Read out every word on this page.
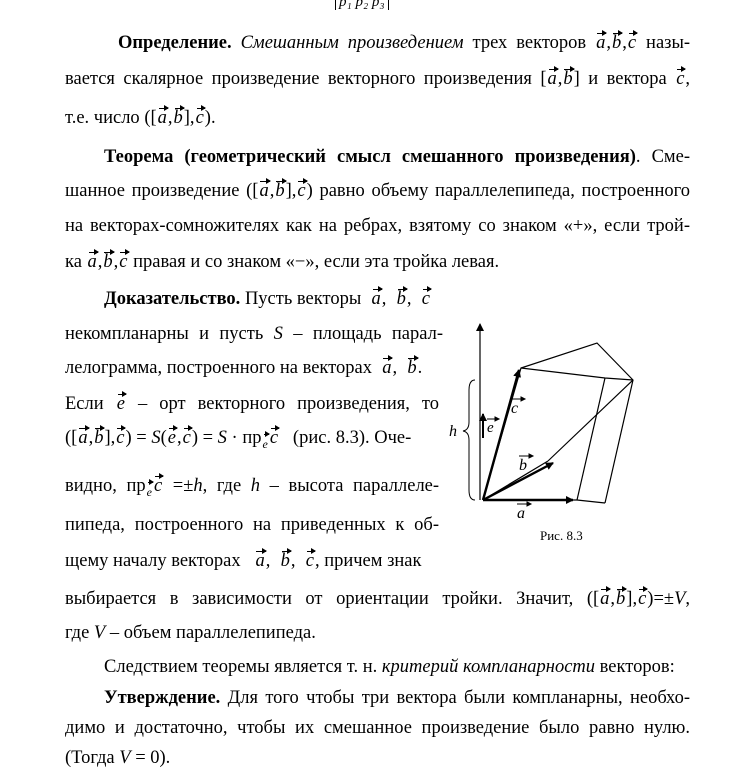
p₁ p₂ p₃
Определение. Смешанным произведением трех векторов a,b,c назы-
вается скалярное произведение векторного произведения [a,b] и вектора c,
т.е. число ([a,b],c).
Теорема (геометрический смысл смешанного произведения). Сме-
шанное произведение ([a,b],c) равно объему параллелепипеда, построенного
на векторах-сомножителях как на ребрах, взятому со знаком «+», если трой-
ка a,b,c правая и со знаком «−», если эта тройка левая.
Доказательство. Пусть векторы a,  b,  c
некомпланарны и пусть S – площадь парал-
лелограмма, построенного на векторах a,  b.
Если e – орт векторного произведения, то
([a,b],c) = S(e,c) = S · прe c (рис. 8.3). Оче-
видно, прe c =±h, где h – высота параллеле-
пипеда, построенного на приведенных к об-
щему началу векторах a,  b,  c, причем знак
выбирается в зависимости от ориентации тройки. Значит, ([a,b],c)=±V,
где V – объем параллелепипеда.
Следствием теоремы является т. н. критерий компланарности векторов:
Утверждение. Для того чтобы три вектора были компланарны, необхо-
димо и достаточно, чтобы их смешанное произведение было равно нулю.
(Тогда V = 0).
h
a
b
c
e
Рис. 8.3
